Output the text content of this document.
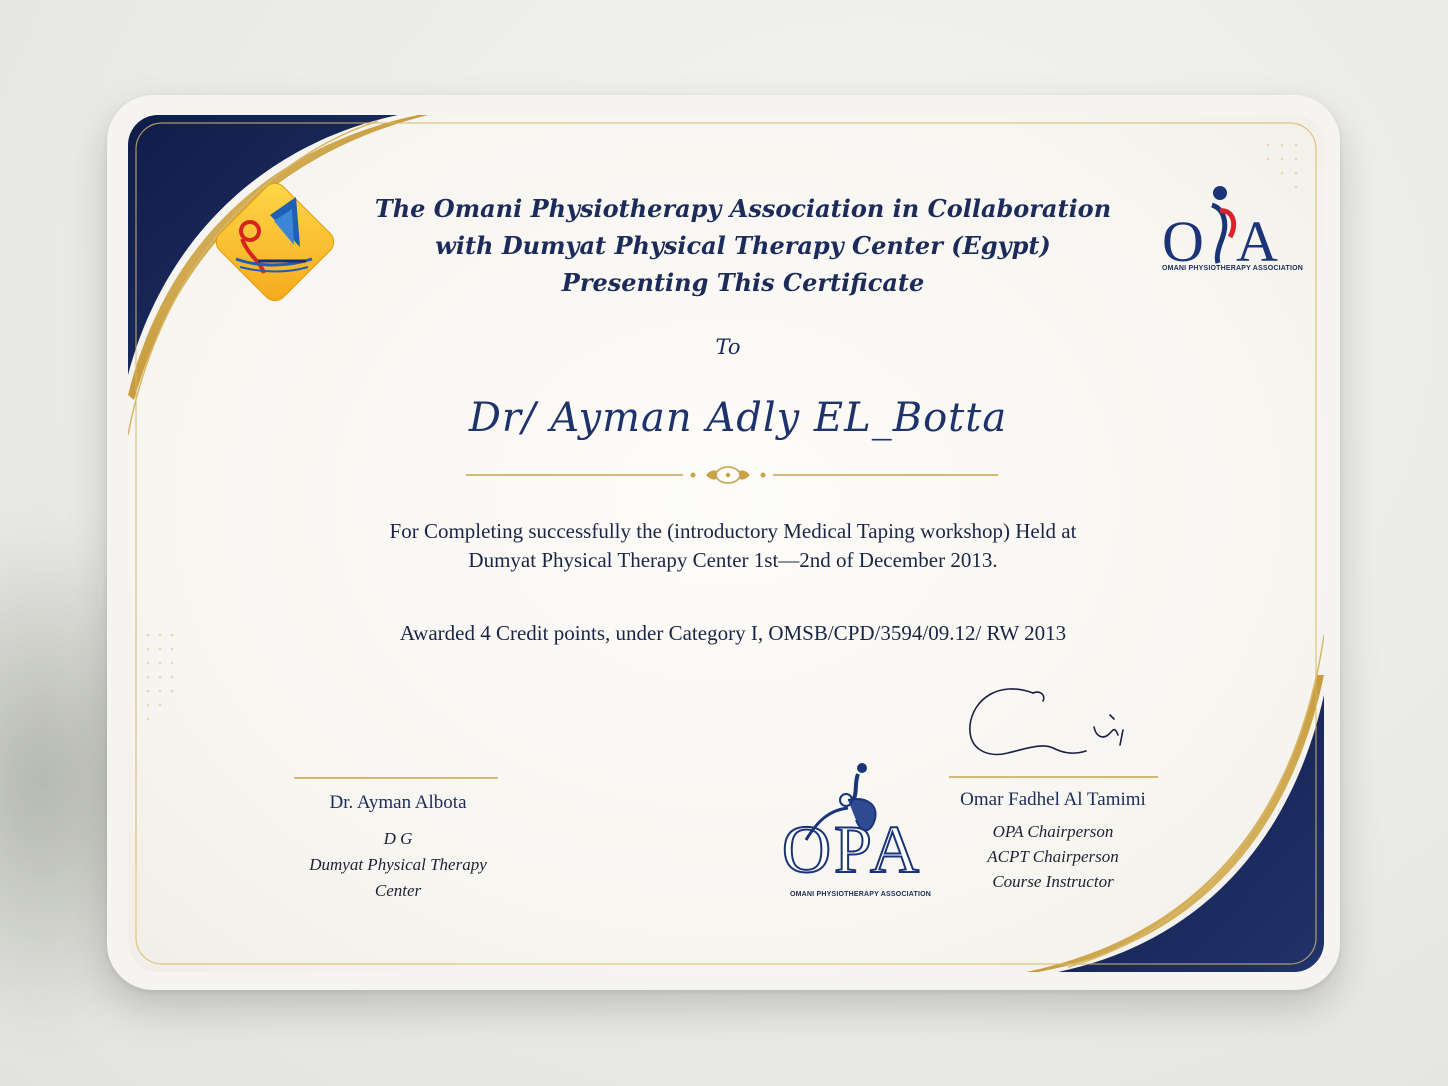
O A
OMANI PHYSIOTHERAPY ASSOCIATION
O P
A
OMANI PHYSIOTHERAPY ASSOCIATION
The Omani Physiotherapy Association in Collaboration
with Dumyat Physical Therapy Center (Egypt)
Presenting This Certificate
To
Dr/ Ayman Adly EL_Botta
For Completing successfully the (introductory Medical Taping workshop) Held at
Dumyat Physical Therapy Center 1st—2nd of December 2013.
Awarded 4 Credit points, under Category I, OMSB/CPD/3594/09.12/ RW 2013
Dr. Ayman Albota
D G
Dumyat Physical Therapy
Center
Omar Fadhel Al Tamimi
OPA Chairperson
ACPT Chairperson
Course Instructor
